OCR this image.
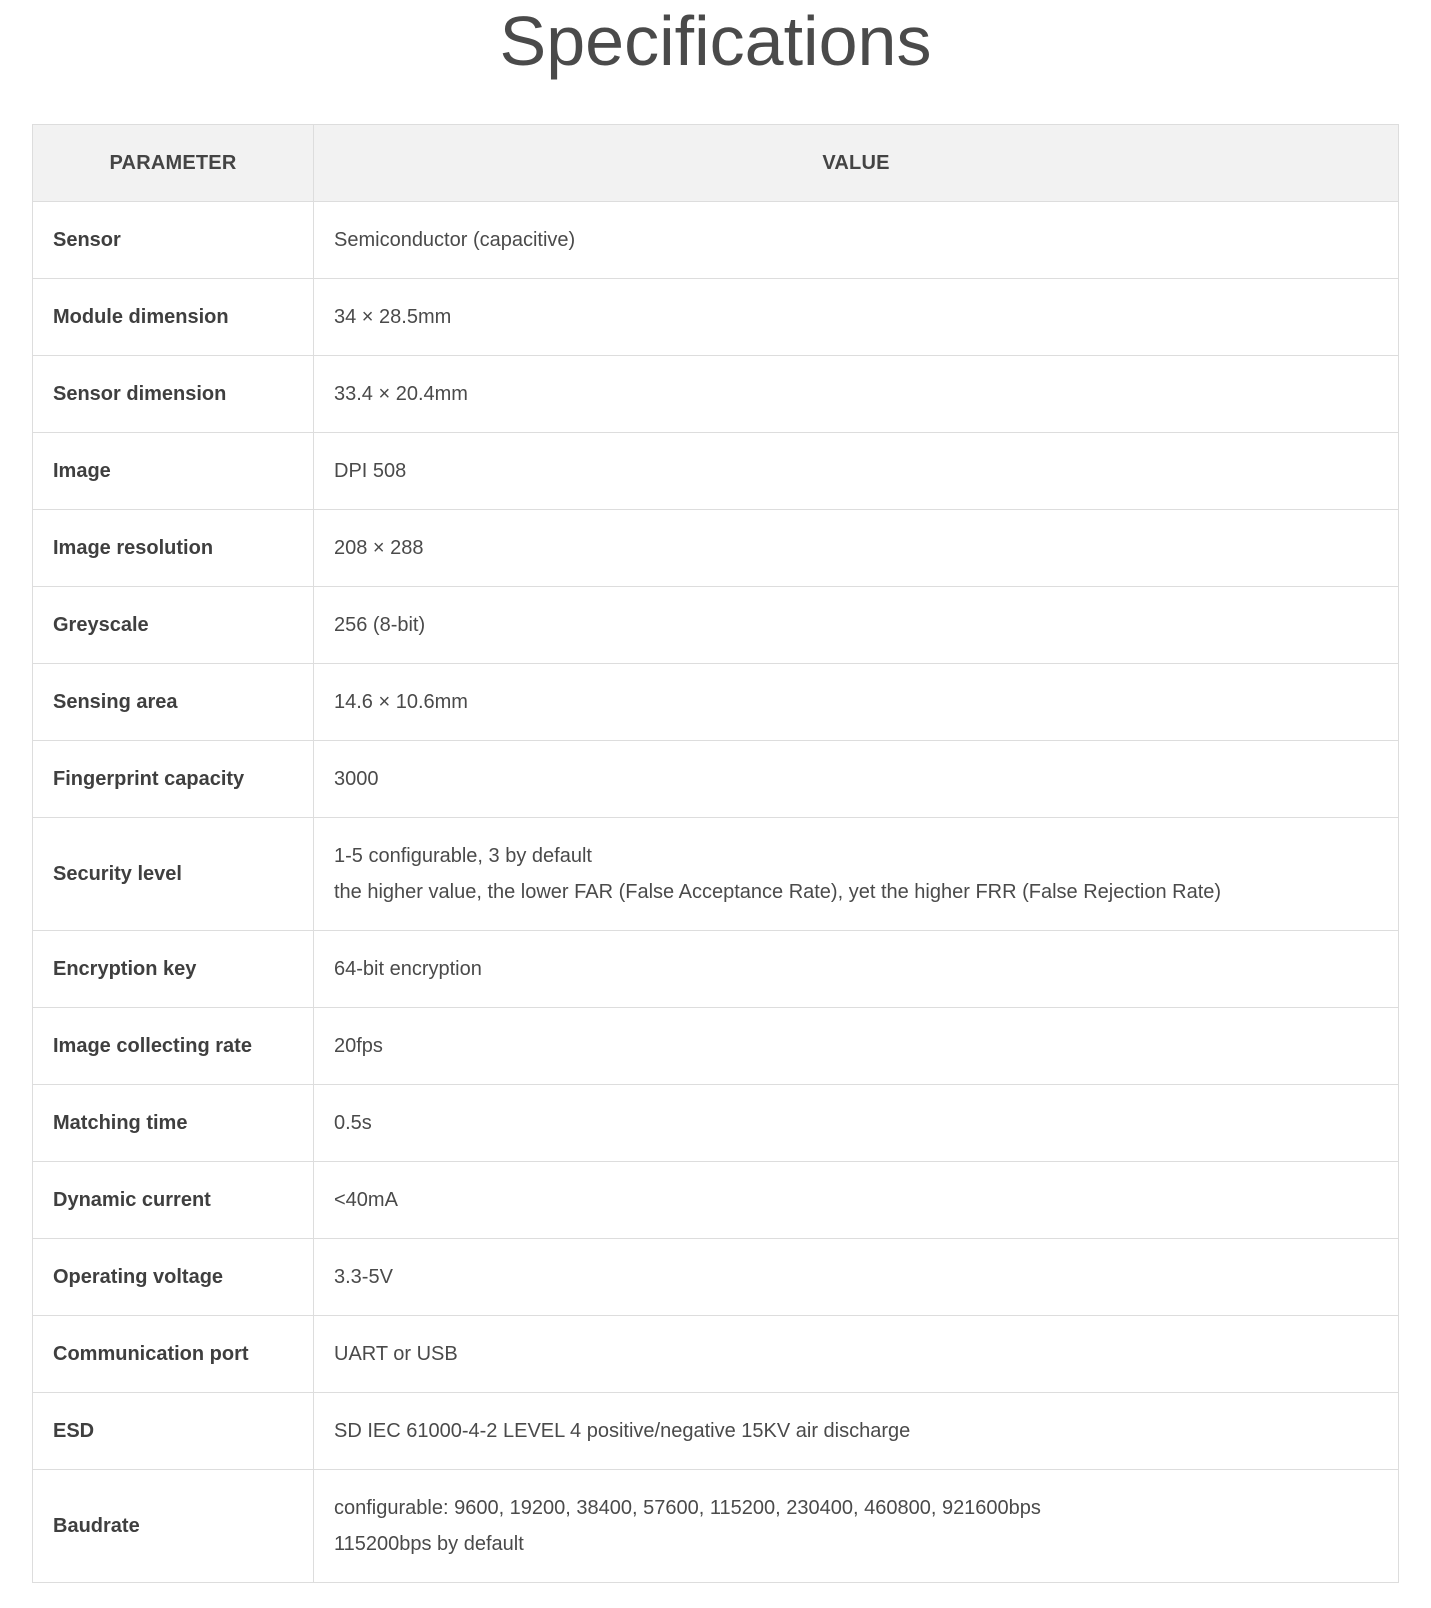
Specifications
PARAMETER	VALUE
Sensor	Semiconductor (capacitive)

Module dimension	34 × 28.5mm

Sensor dimension	33.4 × 20.4mm

Image	DPI 508

Image resolution	208 × 288

Greyscale	256 (8-bit)

Sensing area	14.6 × 10.6mm

Fingerprint capacity	3000

Security level	1-5 configurable, 3 by default
the higher value, the lower FAR (False Acceptance Rate), yet the higher FRR (False Rejection Rate)

Encryption key	64-bit encryption

Image collecting rate	20fps

Matching time	0.5s

Dynamic current	<40mA

Operating voltage	3.3-5V

Communication port	UART or USB

ESD	SD IEC 61000-4-2 LEVEL 4 positive/negative 15KV air discharge

Baudrate	configurable: 9600, 19200, 38400, 57600, 115200, 230400, 460800, 921600bps
115200bps by default
